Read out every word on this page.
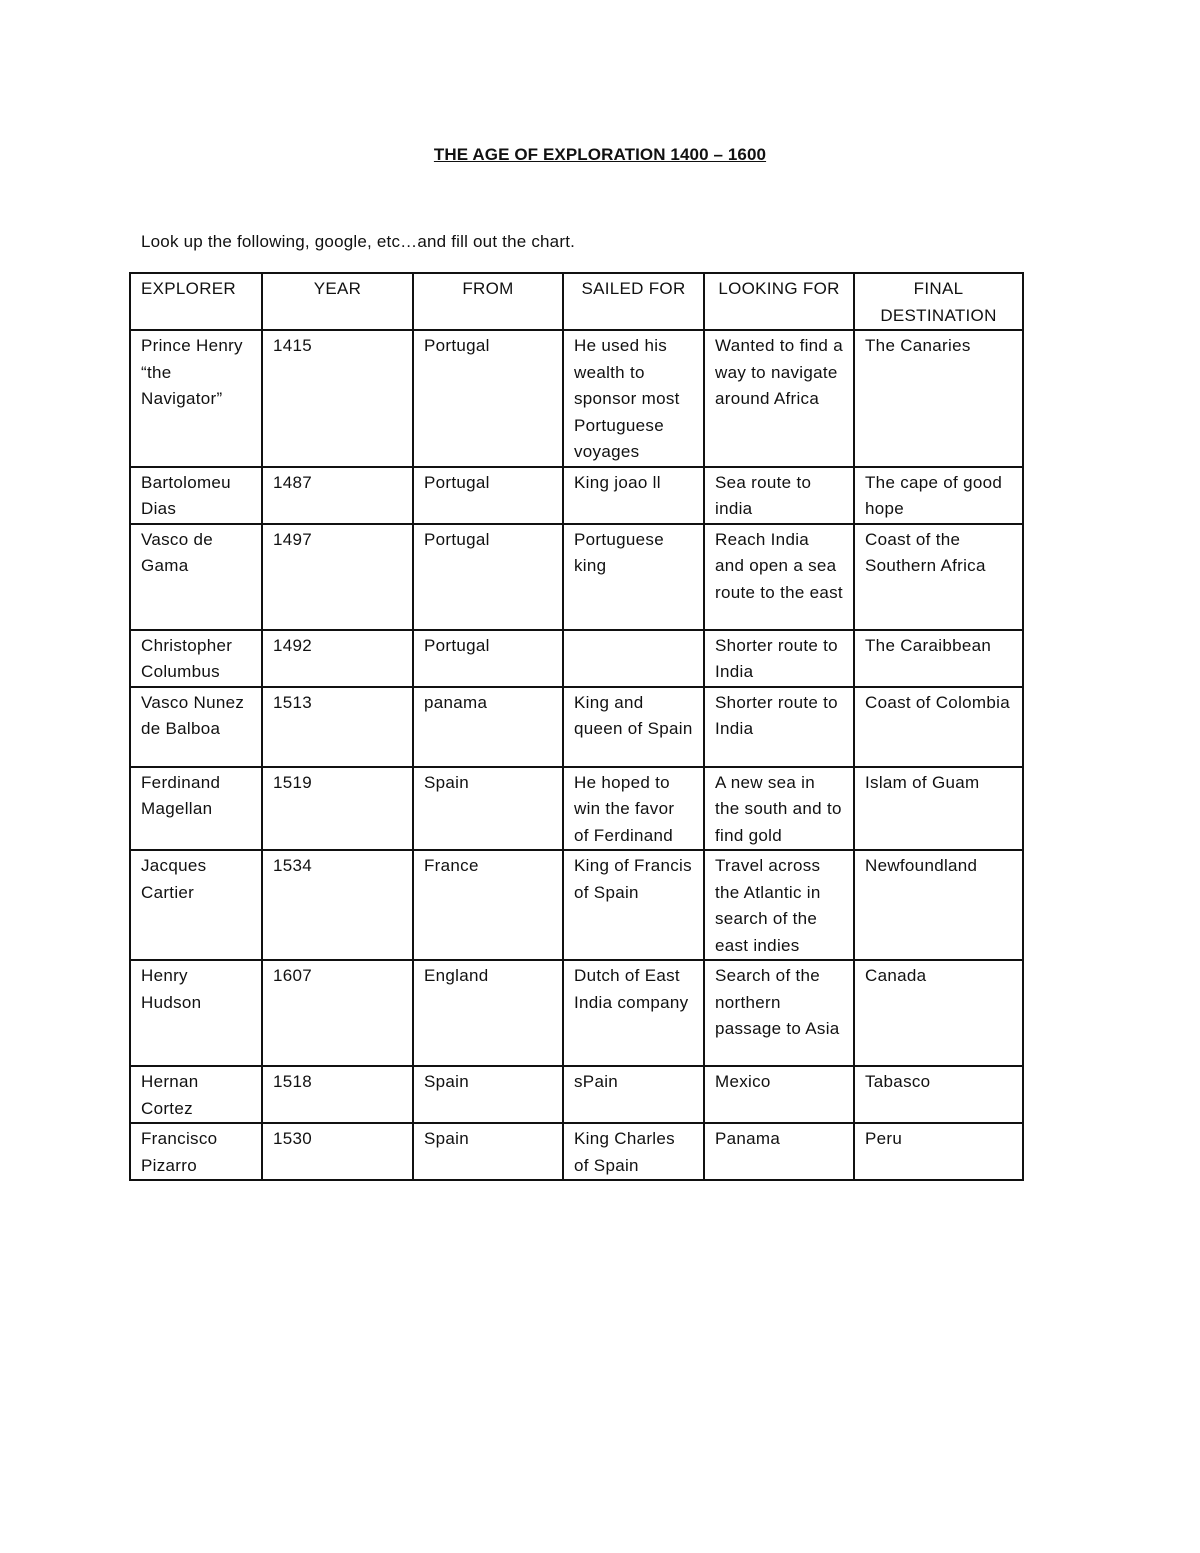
THE AGE OF EXPLORATION 1400 – 1600
Look up the following, google, etc…and fill out the chart.
EXPLORER	YEAR	FROM	SAILED FOR	LOOKING FOR	FINAL DESTINATION
Prince Henry “the Navigator”	1415	Portugal	He used his wealth to sponsor most Portuguese voyages	Wanted to find a way to navigate around Africa	The Canaries
Bartolomeu Dias	1487	Portugal	King joao ll	Sea route to india	The cape of good hope
Vasco de Gama	1497	Portugal	Portuguese king	Reach India and open a sea route to the east	Coast of the Southern Africa
Christopher Columbus	1492	Portugal		Shorter route to India	The Caraibbean
Vasco Nunez de Balboa	1513	panama	King and queen of Spain	Shorter route to India	Coast of Colombia
Ferdinand Magellan	1519	Spain	He hoped to win the favor of Ferdinand	A new sea in the south and to find gold	Islam of Guam
Jacques Cartier	1534	France	King of Francis of Spain	Travel across the Atlantic in search of the east indies	Newfoundland
Henry Hudson	1607	England	Dutch of East India company	Search of the northern passage to Asia	Canada
Hernan Cortez	1518	Spain	sPain	Mexico	Tabasco
Francisco Pizarro	1530	Spain	King Charles of Spain	Panama	Peru
